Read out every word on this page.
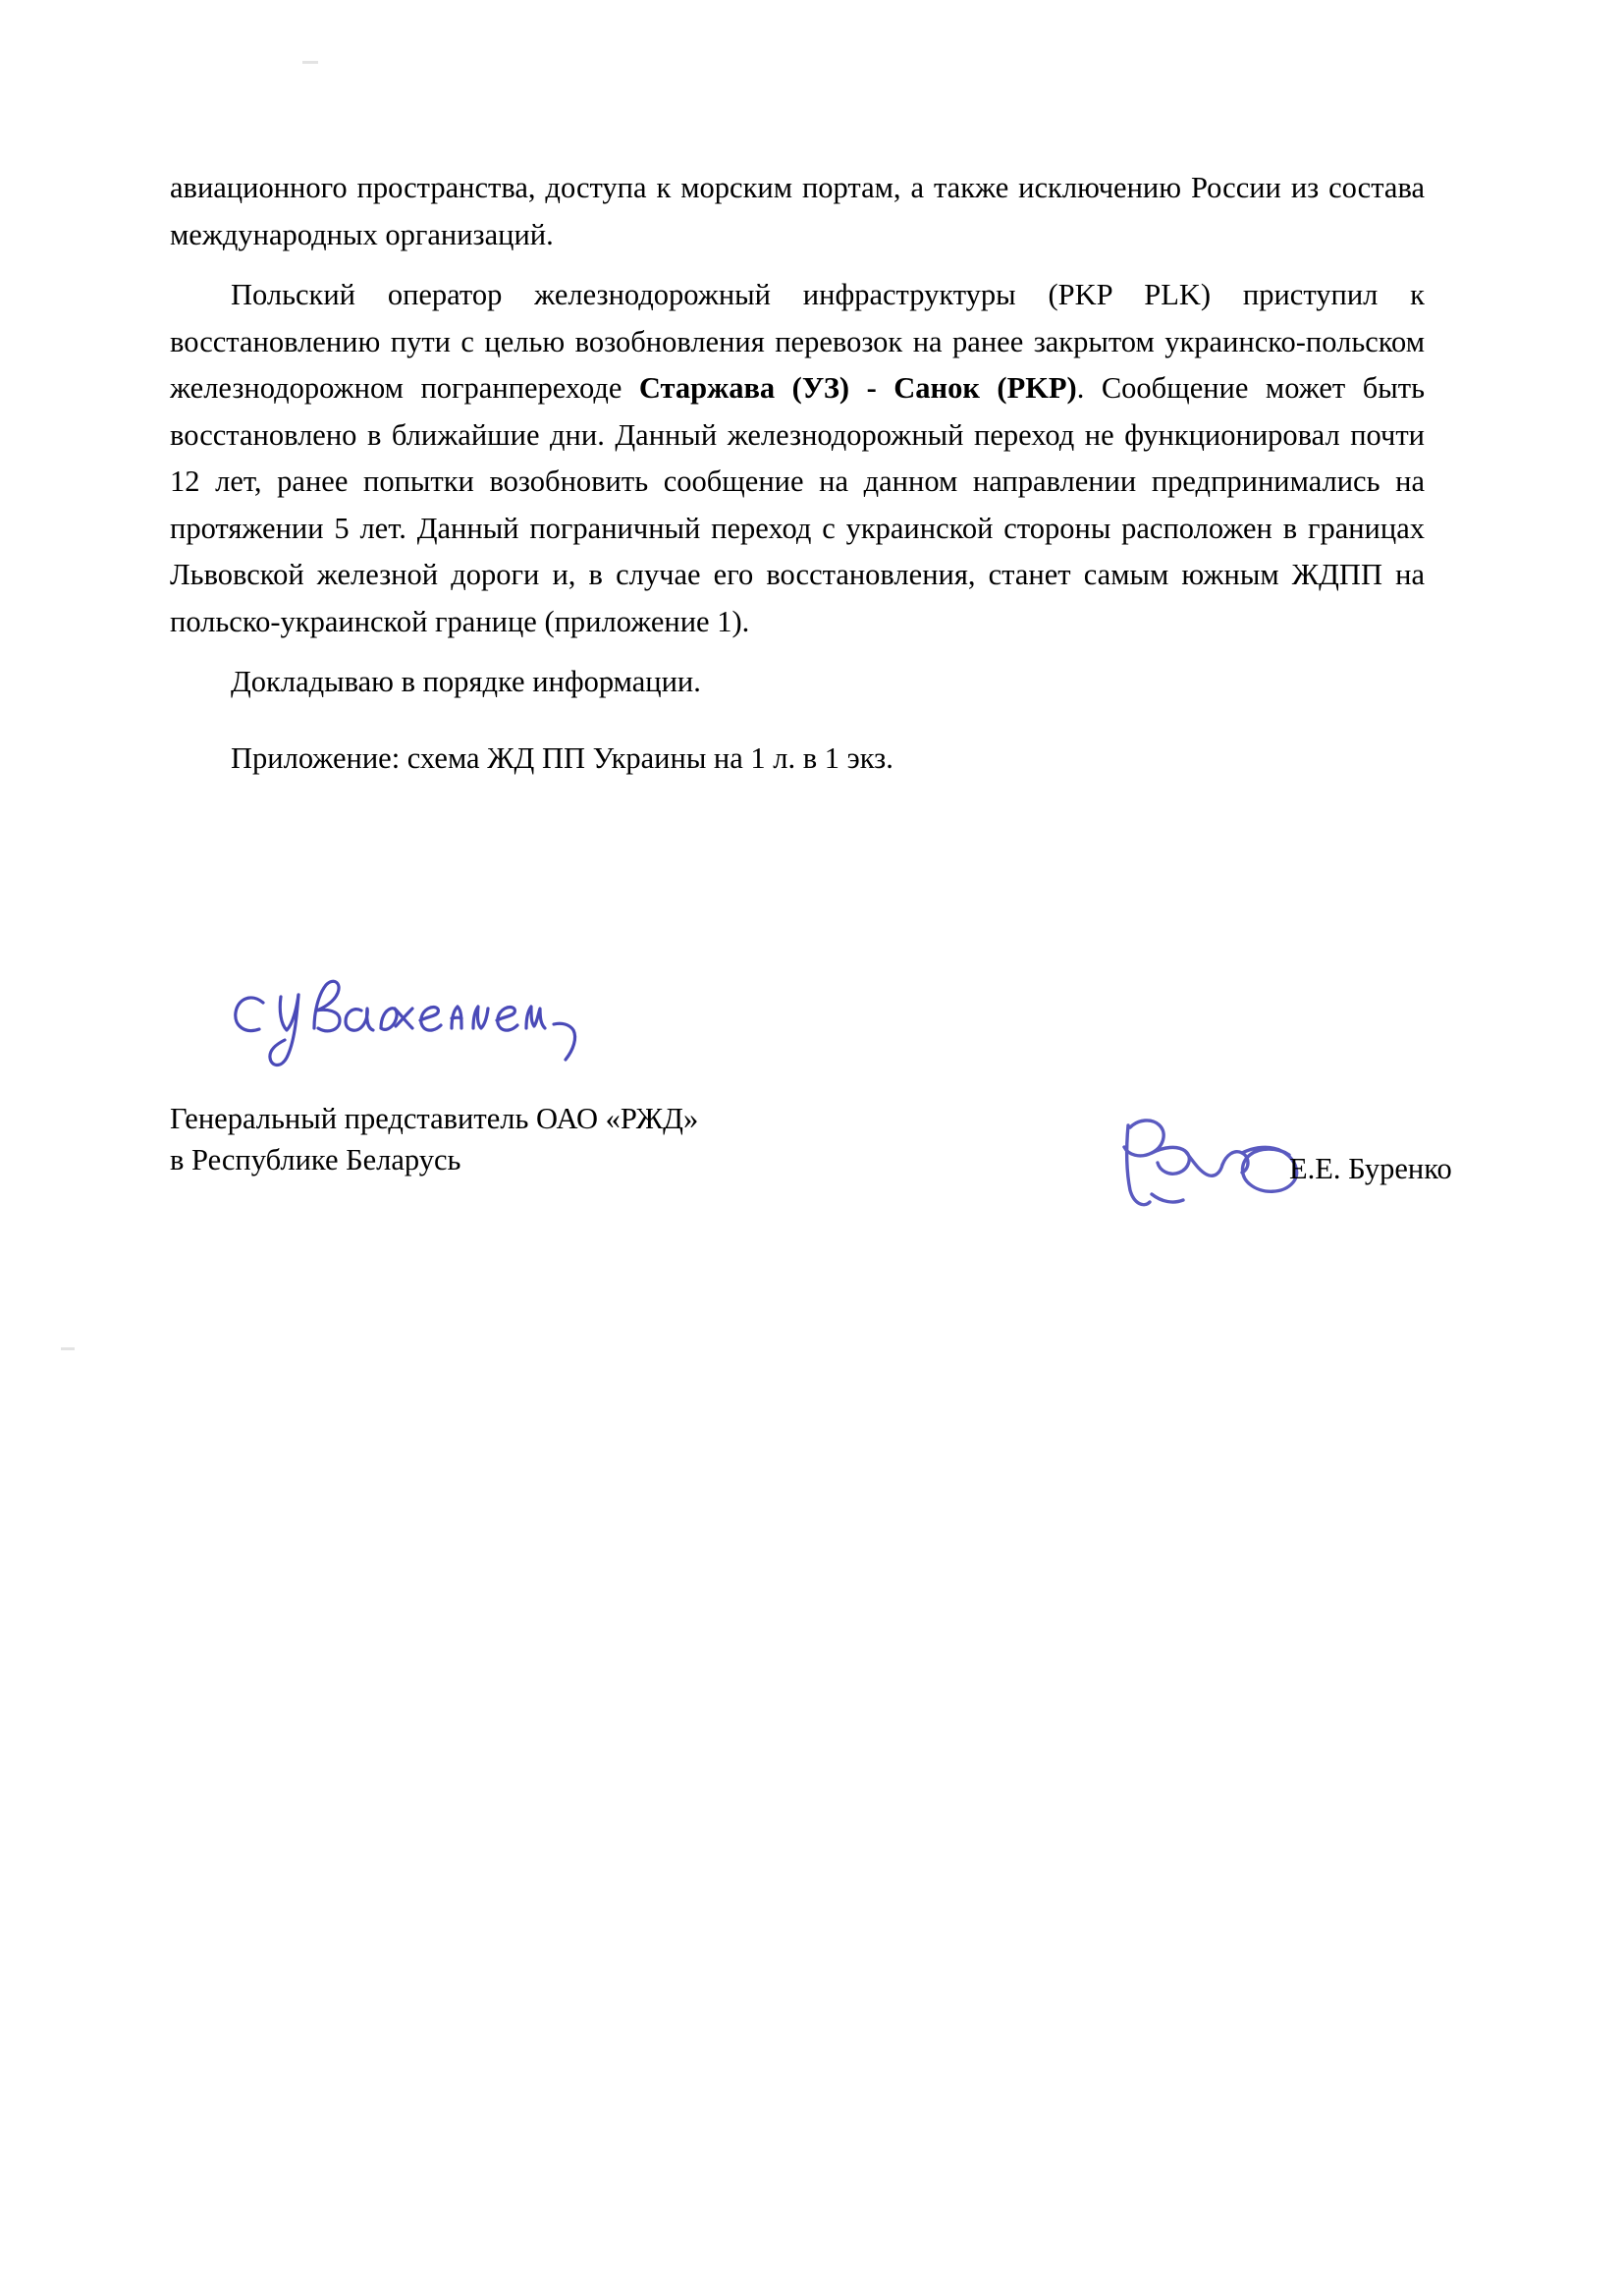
авиационного пространства, доступа к морским портам, а также исключению России из состава международных организаций.

Польский оператор железнодорожный инфраструктуры (PKP PLK) приступил к восстановлению пути с целью возобновления перевозок на ранее закрытом украинско-польском железнодорожном погранпереходе Старжава (УЗ) - Санок (PKP). Сообщение может быть восстановлено в ближайшие дни. Данный железнодорожный переход не функционировал почти 12 лет, ранее попытки возобновить сообщение на данном направлении предпринимались на протяжении 5 лет. Данный пограничный переход с украинской стороны расположен в границах Львовской железной дороги и, в случае его восстановления, станет самым южным ЖДПП на польско-украинской границе (приложение 1).

Докладываю в порядке информации.

Приложение: схема ЖД ПП Украины на 1 л. в 1 экз.

Генеральный представитель ОАО «РЖД»
в Республике Беларусь	Е.Е. Буренко
